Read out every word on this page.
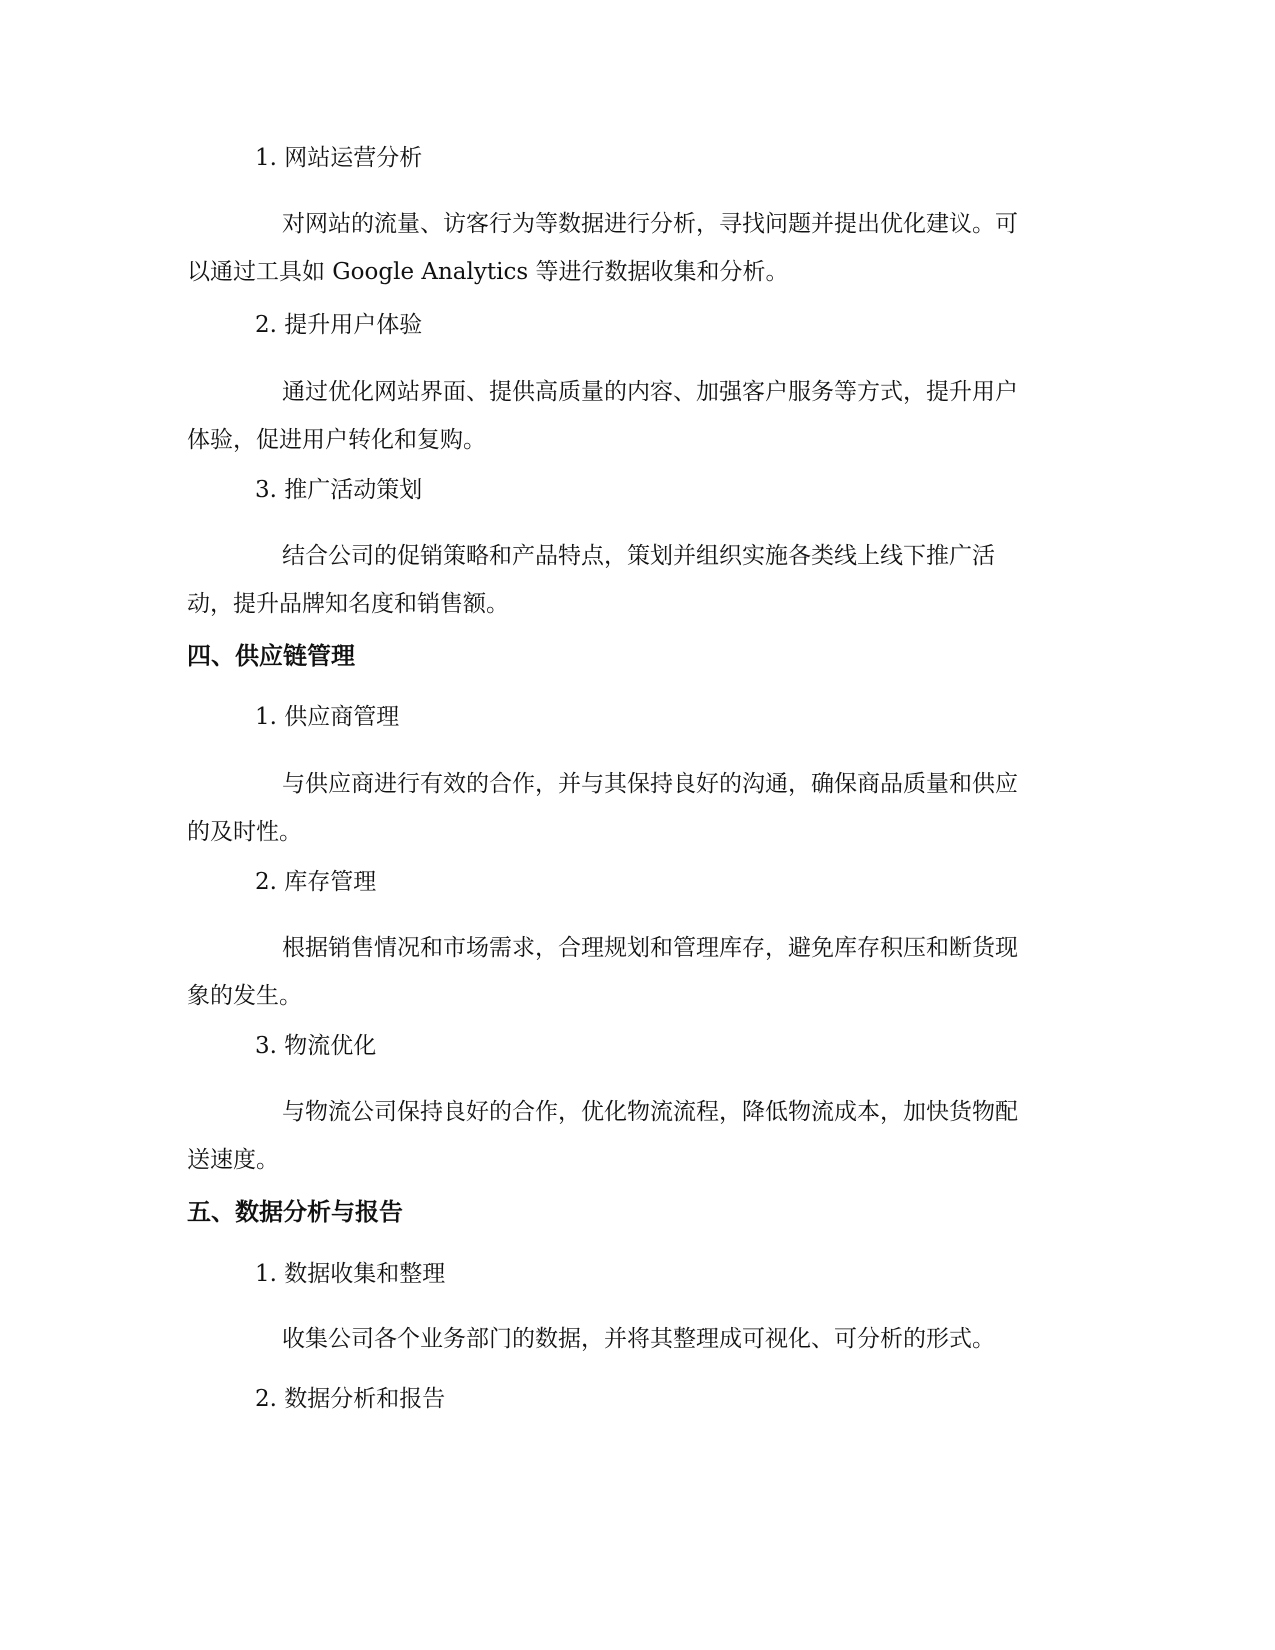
1. 网站运营分析
对网站的流量、访客行为等数据进行分析，寻找问题并提出优化建议。可
以通过工具如 Google Analytics 等进行数据收集和分析。
2. 提升用户体验
通过优化网站界面、提供高质量的内容、加强客户服务等方式，提升用户
体验，促进用户转化和复购。
3. 推广活动策划
结合公司的促销策略和产品特点，策划并组织实施各类线上线下推广活
动，提升品牌知名度和销售额。
四、供应链管理
1. 供应商管理
与供应商进行有效的合作，并与其保持良好的沟通，确保商品质量和供应
的及时性。
2. 库存管理
根据销售情况和市场需求，合理规划和管理库存，避免库存积压和断货现
象的发生。
3. 物流优化
与物流公司保持良好的合作，优化物流流程，降低物流成本，加快货物配
送速度。
五、数据分析与报告
1. 数据收集和整理
收集公司各个业务部门的数据，并将其整理成可视化、可分析的形式。
2. 数据分析和报告
